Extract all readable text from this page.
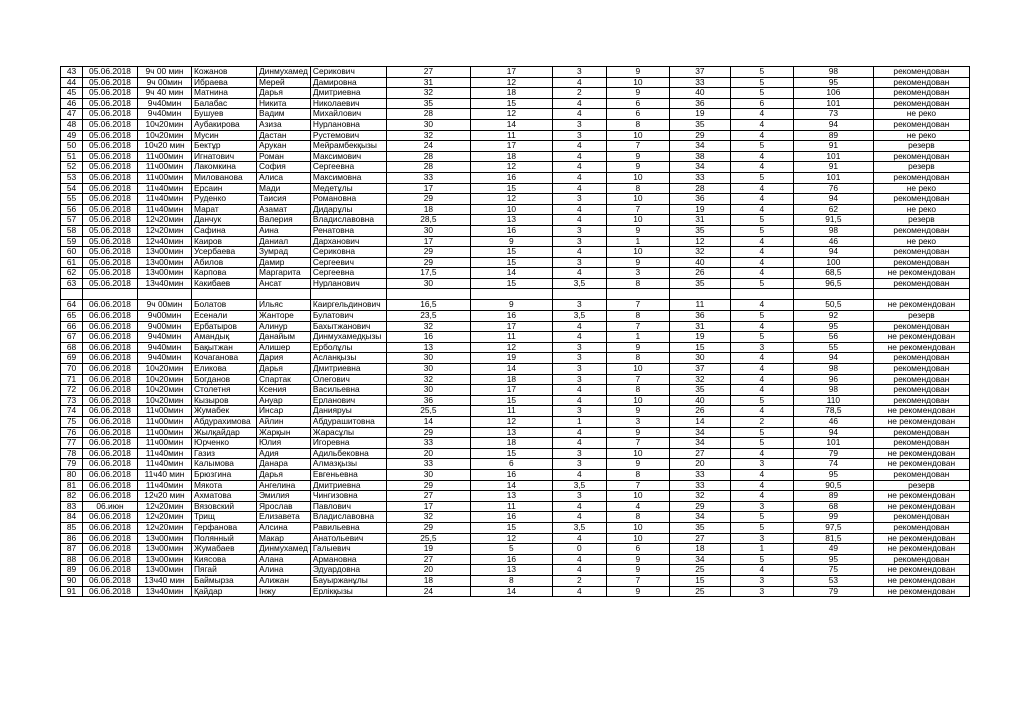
43	05.06.2018	9ч 00 мин	Кожанов	Динмухамед	Серикович	27	17	3	9	37	5	98	рекомендован
44	05.06.2018	9ч 00мин	Ибраева	Мерей	Дамировна	31	12	4	10	33	5	95	рекомендован
45	05.06.2018	9ч 40 мин	Матнина	Дарья	Дмитриевна	32	18	2	9	40	5	106	рекомендован
46	05.06.2018	9ч40мин	Балабас	Никита	Николаевич	35	15	4	6	36	6	101	рекомендован
47	05.06.2018	9ч40мин	Бушуев	Вадим	Михайлович	28	12	4	6	19	4	73	не реко
48	05.06.2018	10ч20мин	Аубакирова	Азиза	Нурлановна	30	14	3	8	35	4	94	рекомендован
49	05.06.2018	10ч20мин	Мусин	Дастан	Рустемович	32	11	3	10	29	4	89	не реко
50	05.06.2018	10ч20 мин	Бектұр	Арукан	Мейрамбекқызы	24	17	4	7	34	5	91	резерв
51	05.06.2018	11ч00мин	Игнатович	Роман	Максимович	28	18	4	9	38	4	101	рекомендован
52	05.06.2018	11ч00мин	Лакомкина	София	Сергеевна	28	12	4	9	34	4	91	резерв
53	05.06.2018	11ч00мин	Милованова	Алиса	Максимовна	33	16	4	10	33	5	101	рекомендован
54	05.06.2018	11ч40мин	Ерсаин	Мади	Медетұлы	17	15	4	8	28	4	76	не реко
55	05.06.2018	11ч40мин	Руденко	Таисия	Романовна	29	12	3	10	36	4	94	рекомендован
56	05.06.2018	11ч40мин	Марат	Азамат	Дидарұлы	18	10	4	7	19	4	62	не реко
57	05.06.2018	12ч20мин	Данчук	Валерия	Владиславовна	28,5	13	4	10	31	5	91,5	резерв
58	05.06.2018	12ч20мин	Сафина	Аина	Ренатовна	30	16	3	9	35	5	98	рекомендован
59	05.06.2018	12ч40мин	Каиров	Даниал	Дарханович	17	9	3	1	12	4	46	не реко
60	05.06.2018	13ч00мин	Усербаева	Зумрад	Сериковна	29	15	4	10	32	4	94	рекомендован
61	05.06.2018	13ч00мин	Абилов	Дамир	Сергеевич	29	15	3	9	40	4	100	рекомендован
62	05.06.2018	13ч00мин	Карпова	Маргарита	Сергеевна	17,5	14	4	3	26	4	68,5	не рекомендован
63	05.06.2018	13ч40мин	Какибаев	Ансат	Нурланович	30	15	3,5	8	35	5	96,5	рекомендован

64	06.06.2018	9ч 00мин	Болатов	Ильяс	Каиргельдинович	16,5	9	3	7	11	4	50,5	не рекомендован
65	06.06.2018	9ч00мин	Есенали	Жанторе	Булатович	23,5	16	3,5	8	36	5	92	резерв
66	06.06.2018	9ч00мин	Ербатыров	Алинур	Бахытжанович	32	17	4	7	31	4	95	рекомендован
67	06.06.2018	9ч40мин	Амандық	Данайым	Динмухамедқызы	16	11	4	1	19	5	56	не рекомендован
68	06.06.2018	9ч40мин	Бақытжан	Алишер	Ерболұлы	13	12	3	9	15	3	55	не рекомендован
69	06.06.2018	9ч40мин	Кочаганова	Дария	Асланқызы	30	19	3	8	30	4	94	рекомендован
70	06.06.2018	10ч20мин	Еликова	Дарья	Дмитриевна	30	14	3	10	37	4	98	рекомендован
71	06.06.2018	10ч20мин	Богданов	Спартак	Олегович	32	18	3	7	32	4	96	рекомендован
72	06.06.2018	10ч20мин	Столетня	Ксения	Васильевна	30	17	4	8	35	4	98	рекомендован
73	06.06.2018	10ч20мин	Кызыров	Ануар	Ерланович	36	15	4	10	40	5	110	рекомендован
74	06.06.2018	11ч00мин	Жумабек	Инсар	Данияруы	25,5	11	3	9	26	4	78,5	не рекомендован
75	06.06.2018	11ч00мин	Абдурахимова	Айлин	Абдурашитовна	14	12	1	3	14	2	46	не рекомендован
76	06.06.2018	11ч00мин	Жылқайдар	Жарқын	Жарасұлы	29	13	4	9	34	5	94	рекомендован
77	06.06.2018	11ч00мин	Юрченко	Юлия	Игоревна	33	18	4	7	34	5	101	рекомендован
78	06.06.2018	11ч40мин	Газиз	Адия	Адильбековна	20	15	3	10	27	4	79	не рекомендован
79	06.06.2018	11ч40мин	Калымова	Данара	Алмазқызы	33	6	3	9	20	3	74	не рекомендован
80	06.06.2018	11ч40 мин	Брюзгина	Дарья	Евгеньевна	30	16	4	8	33	4	95	рекомендован
81	06.06.2018	11ч40мин	Мякота	Ангелина	Дмитриевна	29	14	3,5	7	33	4	90,5	резерв
82	06.06.2018	12ч20 мин	Ахматова	Эмилия	Чингизовна	27	13	3	10	32	4	89	не рекомендован
83	06.июн	12ч20мин	Вязовский	Ярослав	Павлович	17	11	4	4	29	3	68	не рекомендован
84	06.06.2018	12ч20мин	Трищ	Елизавета	Владиславовна	32	16	4	8	34	5	99	рекомендован
85	06.06.2018	12ч20мин	Герфанова	Алсина	Равильевна	29	15	3,5	10	35	5	97,5	рекомендован
86	06.06.2018	13ч00мин	Полянный	Макар	Анатольевич	25,5	12	4	10	27	3	81,5	не рекомендован
87	06.06.2018	13ч00мин	Жумабаев	Динмухамед	Галыевич	19	5	0	6	18	1	49	не рекомендован
88	06.06.2018	13ч00мин	Киясова	Алана	Армановна	27	16	4	9	34	5	95	рекомендован
89	06.06.2018	13ч00мин	Пягай	Алина	Эдуардовна	20	13	4	9	25	4	75	не рекомендован
90	06.06.2018	13ч40 мин	Баймырза	Алижан	Бауыржанұлы	18	8	2	7	15	3	53	не рекомендован
91	06.06.2018	13ч40мин	Қайдар	Інжу	Ерлікқызы	24	14	4	9	25	3	79	не рекомендован
